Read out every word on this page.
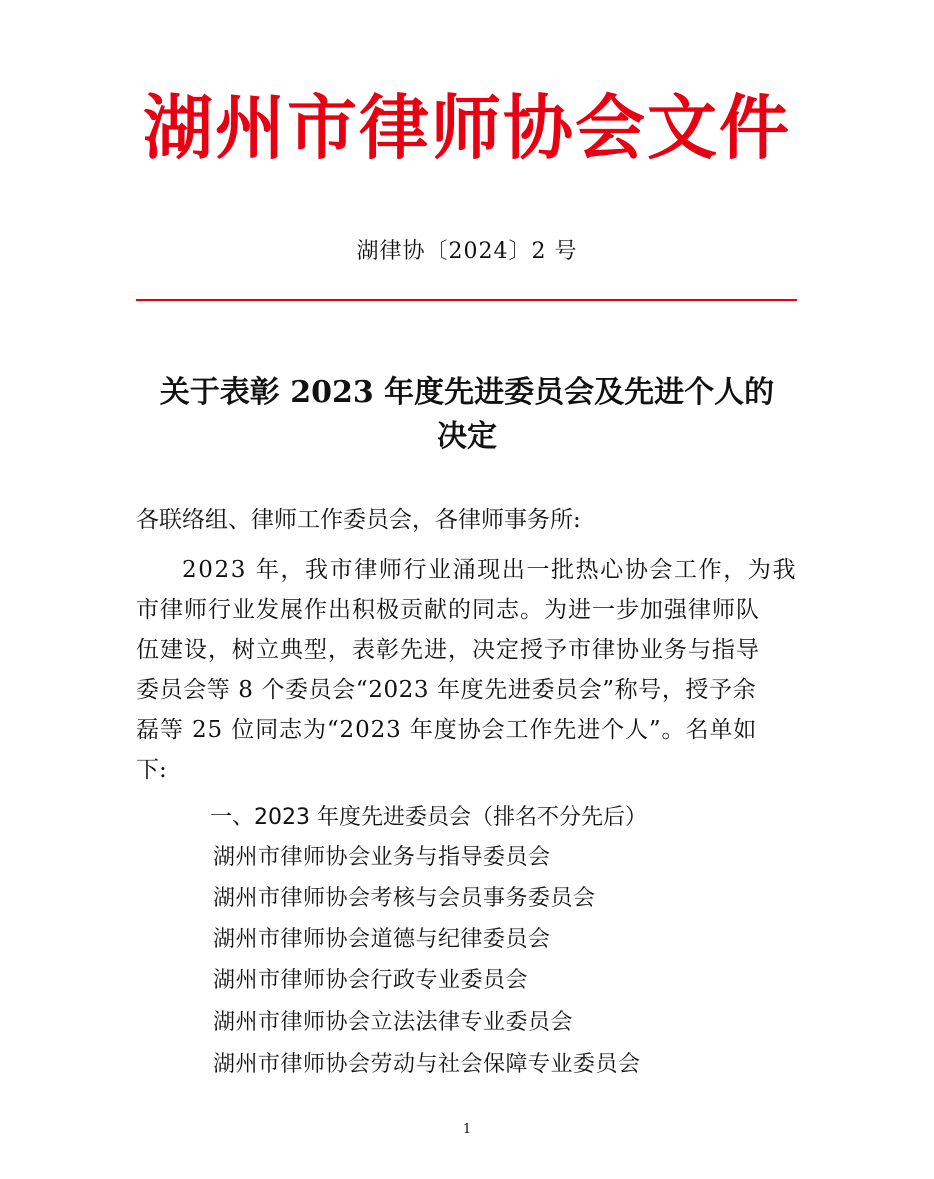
湖州市律师协会文件
湖律协〔2024〕2 号
关于表彰 2023 年度先进委员会及先进个人的
决定
各联络组、律师工作委员会，各律师事务所:
2023 年，我市律师行业涌现出一批热心协会工作，为我
市律师行业发展作出积极贡献的同志。为进一步加强律师队
伍建设，树立典型，表彰先进，决定授予市律协业务与指导
委员会等 8 个委员会“2023 年度先进委员会”称号，授予余
磊等 25 位同志为“2023 年度协会工作先进个人”。名单如
下:
一、2023 年度先进委员会（排名不分先后）
湖州市律师协会业务与指导委员会
湖州市律师协会考核与会员事务委员会
湖州市律师协会道德与纪律委员会
湖州市律师协会行政专业委员会
湖州市律师协会立法法律专业委员会
湖州市律师协会劳动与社会保障专业委员会
1
